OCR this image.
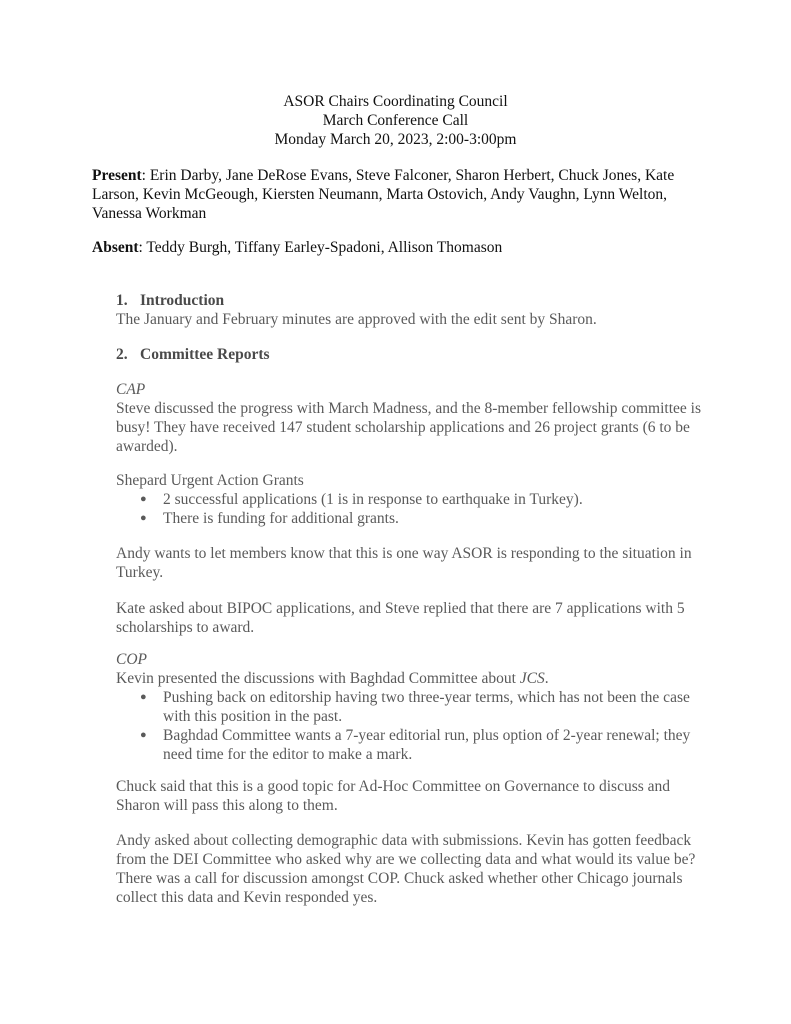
ASOR Chairs Coordinating Council
March Conference Call
Monday March 20, 2023, 2:00-3:00pm
Present: Erin Darby, Jane DeRose Evans, Steve Falconer, Sharon Herbert, Chuck Jones, Kate Larson, Kevin McGeough, Kiersten Neumann, Marta Ostovich, Andy Vaughn, Lynn Welton, Vanessa Workman
Absent: Teddy Burgh, Tiffany Earley-Spadoni, Allison Thomason
1. Introduction
The January and February minutes are approved with the edit sent by Sharon.
2. Committee Reports
CAP
Steve discussed the progress with March Madness, and the 8-member fellowship committee is busy! They have received 147 student scholarship applications and 26 project grants (6 to be awarded).
Shepard Urgent Action Grants
● 2 successful applications (1 is in response to earthquake in Turkey).
● There is funding for additional grants.
Andy wants to let members know that this is one way ASOR is responding to the situation in Turkey.
Kate asked about BIPOC applications, and Steve replied that there are 7 applications with 5 scholarships to award.
COP
Kevin presented the discussions with Baghdad Committee about JCS.
● Pushing back on editorship having two three-year terms, which has not been the case with this position in the past.
● Baghdad Committee wants a 7-year editorial run, plus option of 2-year renewal; they need time for the editor to make a mark.
Chuck said that this is a good topic for Ad-Hoc Committee on Governance to discuss and Sharon will pass this along to them.
Andy asked about collecting demographic data with submissions. Kevin has gotten feedback from the DEI Committee who asked why are we collecting data and what would its value be? There was a call for discussion amongst COP. Chuck asked whether other Chicago journals collect this data and Kevin responded yes.
